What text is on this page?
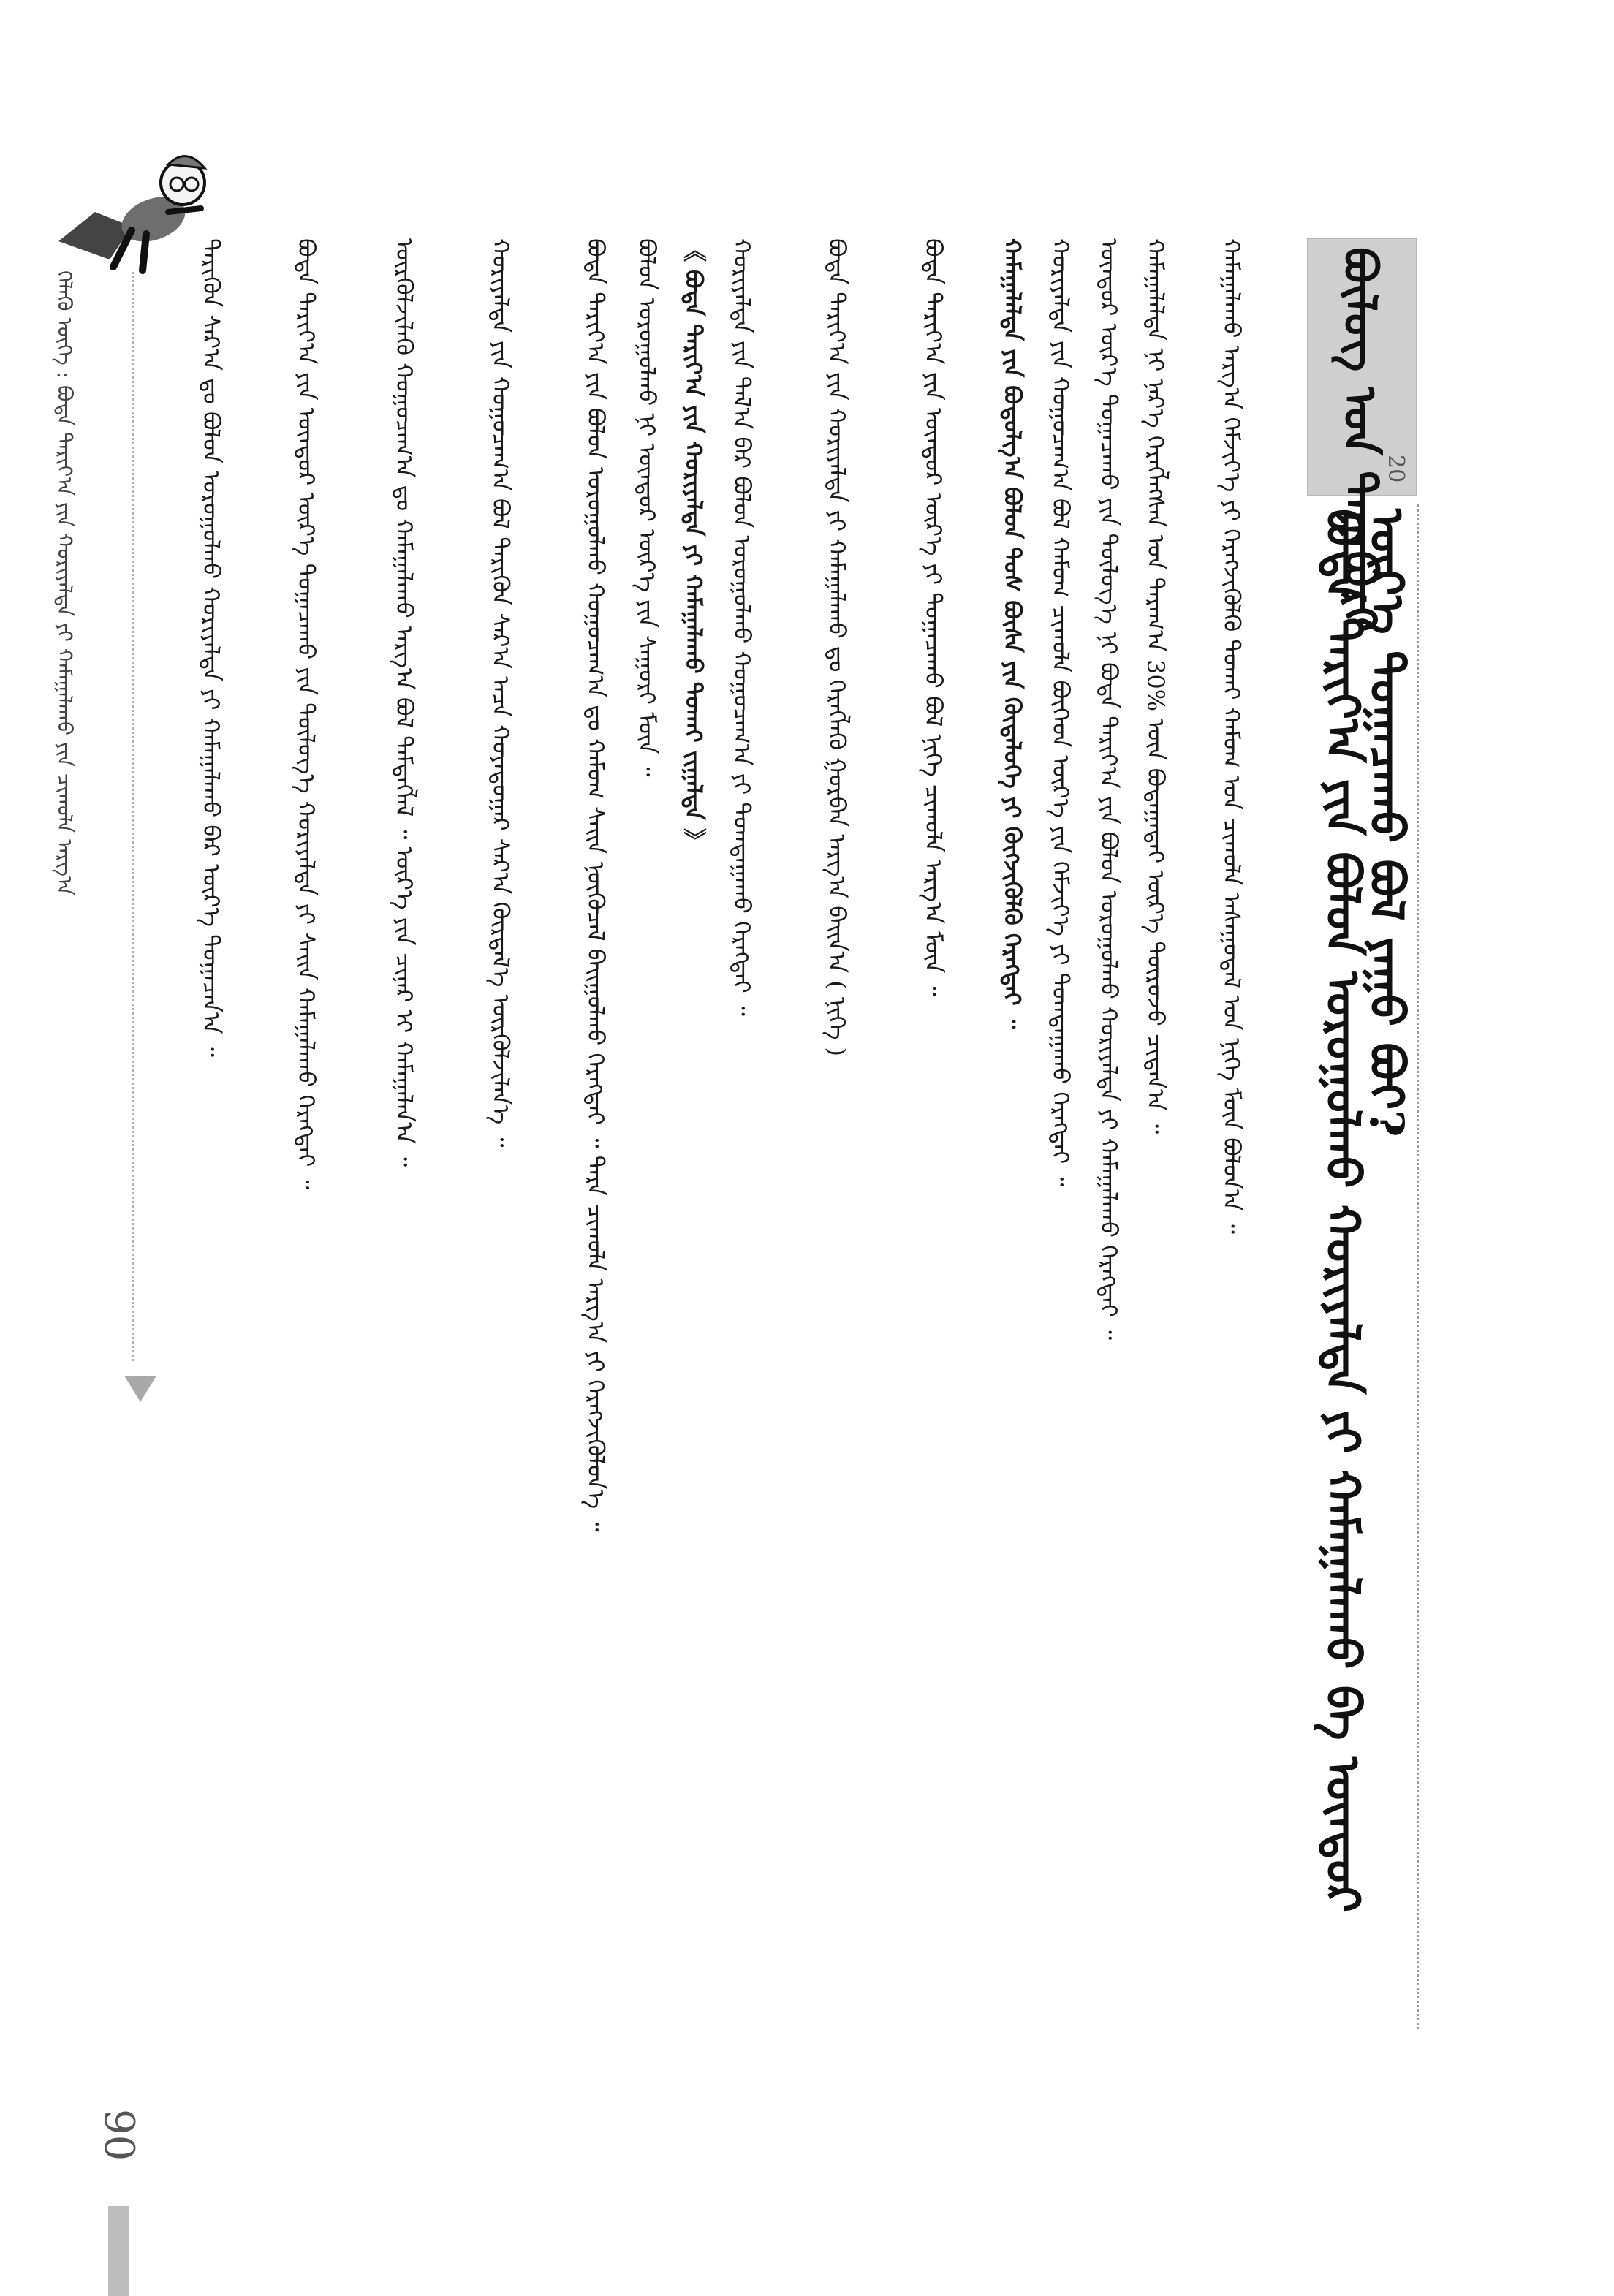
ᠪᠦᠯᠦᠭ ᠤᠨ ᠳᠠᠭᠠᠪᠤᠷᠢ
20
ᠪᠤᠳᠠ ᠲᠠᠷᠢᠶ᠎ᠠ ᠶᠢᠨ ᠪᠣᠯᠤᠨ ᠤᠷᠤᠭᠤᠯᠬᠤ ᠬᠤᠷᠢᠶᠠᠯᠳᠠ ᠶᠢ ᠬᠠᠮᠠᠭᠠᠯᠠᠬᠤ ᠪᠠ ᠦᠨᠳᠦᠷ ᠦᠷ᠎ᠡ ᠲᠣᠭᠠᠴᠠᠬᠤ ᠪᠣᠯ ᠶᠠᠭᠤ ᠪᠤᠢ?
ᠬᠠᠮᠠᠭᠠᠯᠠᠬᠤ ᠠᠷᠭ᠎ᠠ ᠬᠡᠮᠵᠢᠶ᠎ᠡ ᠶᠢ ᠬᠡᠷᠡᠭᠵᠢᠭᠦᠯᠬᠦ ᠲᠤᠬᠠᠢ ᠬᠠᠮᠤᠭ ᠤᠨ ᠴᠢᠬᠤᠯᠠ ᠠᠰᠠᠭᠤᠳᠠᠯ ᠤᠨ ᠨᠢᠭᠡ ᠮᠥᠨ ᠪᠣᠯᠤᠨ᠎ᠠ ᠃
ᠬᠠᠮᠠᠭᠠᠯᠠᠯᠲᠠ ᠨᠢ ᠨᠡᠷ᠎ᠡ ᠬᠡᠷᠡᠭᠯᠡᠭᠰᠡᠨ ᠤᠨ ᠳᠠᠷᠠᠭ᠎ᠠ 30% ᠦᠨ ᠪᠤᠳᠠᠭᠠᠳᠠᠢ ᠦᠷ᠎ᠡ ᠲᠥᠷᠥᠵᠦ ᠴᠢᠳᠠᠨ᠎ᠠ ᠃
ᠦᠨᠳᠦᠷ ᠦᠷ᠎ᠡ ᠲᠣᠭᠠᠴᠠᠬᠤ ᠶᠢᠨ ᠲᠥᠯᠥᠭ᠎ᠡ ᠨᠢ ᠪᠤᠳᠠ ᠲᠠᠷᠢᠶ᠎ᠠ ᠶᠢᠨ ᠪᠣᠯᠤᠨ ᠤᠷᠤᠭᠤᠯᠬᠤ ᠬᠤᠷᠢᠶᠠᠯᠳᠠ ᠶᠢ ᠬᠠᠮᠠᠭᠠᠯᠠᠬᠤ ᠬᠡᠷᠡᠭᠲᠡᠢ ᠃
ᠬᠤᠷᠢᠶᠠᠯᠳᠠ ᠶᠢᠨ ᠬᠤᠭᠤᠴᠠᠭ᠎ᠠ ᠪᠣᠯ ᠬᠠᠮᠤᠭ ᠴᠢᠬᠤᠯᠠ ᠪᠦᠭᠡᠳ ᠦᠷ᠎ᠡ ᠶᠢᠨ ᠬᠡᠮᠵᠢᠶ᠎ᠡ ᠶᠢ ᠲᠣᠭᠲᠠᠭᠠᠬᠤ ᠬᠡᠷᠡᠭᠲᠡᠢ ᠃
ᠬᠠᠮᠠᠭᠠᠯᠠᠯᠲᠠ ᠶᠢᠨ ᠪᠣᠳᠤᠯᠭ᠎ᠠ ᠪᠣᠯᠤᠨ ᠲᠤᠰ ᠪᠦᠰᠡ ᠶᠢᠨ ᠬᠥᠳᠡᠯᠦᠭᠡ ᠶᠢ ᠬᠥᠭᠵᠢᠭᠦᠯᠬᠦ ᠬᠡᠷᠡᠭᠲᠡᠢ ᠃
ᠪᠤᠳᠠ ᠲᠠᠷᠢᠶ᠎ᠠ ᠶᠢᠨ ᠦᠨᠳᠦᠷ ᠦᠷ᠎ᠡ ᠶᠢ ᠲᠣᠭᠠᠴᠠᠬᠤ ᠪᠣᠯ ᠨᠢᠭᠡ ᠴᠢᠬᠤᠯᠠ ᠠᠷᠭ᠎ᠠ ᠮᠥᠨ ᠃
ᠪᠤᠳᠠ ᠲᠠᠷᠢᠶ᠎ᠠ ᠶᠢᠨ ᠬᠤᠷᠢᠶᠠᠯᠳᠠ ᠶᠢ ᠬᠠᠮᠠᠭᠠᠯᠠᠬᠤ ᠳᠤ ᠬᠡᠷᠡᠭᠯᠡᠬᠦ ᠭᠤᠷᠪᠠᠨ ᠠᠷᠭ᠎ᠠ ᠪᠠᠢᠨ᠎ᠠ ( ᠨᠢᠭᠡ )
ᠬᠤᠷᠢᠶᠠᠯᠳᠠ ᠶᠢᠨ ᠲᠠᠯ᠎ᠠ ᠪᠠᠷ ᠪᠣᠯᠤᠨ ᠤᠷᠤᠭᠤᠯᠬᠤ ᠬᠤᠭᠤᠴᠠᠭ᠎ᠠ ᠶᠢ ᠲᠣᠭᠲᠠᠭᠠᠬᠤ ᠬᠡᠷᠡᠭᠲᠡᠢ ᠃
《 ᠪᠤᠳᠠ ᠲᠠᠷᠢᠶ᠎ᠠ ᠶᠢᠨ ᠬᠤᠷᠢᠶᠠᠯᠳᠠ ᠶᠢ ᠬᠠᠮᠠᠭᠠᠯᠠᠬᠤ ᠲᠤᠬᠠᠢ ᠵᠢᠭᠠᠯᠲᠠ 》
ᠪᠣᠯᠤᠨ ᠤᠷᠤᠭᠤᠯᠬᠤ ᠨᠢ ᠦᠨᠳᠦᠷ ᠦᠷ᠎ᠡ ᠶᠢᠨ ᠰᠠᠭᠤᠷᠢ ᠮᠥᠨ ᠃
ᠪᠤᠳᠠ ᠲᠠᠷᠢᠶ᠎ᠠ ᠶᠢᠨ ᠪᠣᠯᠤᠨ ᠤᠷᠤᠭᠤᠯᠬᠤ ᠬᠤᠭᠤᠴᠠᠭ᠎ᠠ ᠳᠤ ᠬᠠᠮᠤᠭ ᠰᠠᠢᠨ ᠨᠥᠬᠦᠴᠡᠯ ᠪᠠᠢᠭᠤᠯᠬᠤ ᠬᠡᠷᠡᠭᠲᠡᠢ ᠃ ᠲᠡᠷᠡ ᠴᠢᠬᠤᠯᠠ ᠠᠷᠭ᠎ᠠ ᠶᠢ ᠬᠡᠷᠡᠭᠵᠢᠭᠦᠯᠦᠨ᠎ᠡ ᠃
ᠬᠤᠷᠢᠶᠠᠯᠳᠠ ᠶᠢᠨ ᠬᠤᠭᠤᠴᠠᠭ᠎ᠠ ᠪᠣᠯ ᠲᠡᠷᠢᠭᠦᠨ ᠰᠠᠷ᠎ᠠ ᠠᠴᠠ ᠬᠣᠶᠠᠳᠤᠭᠠᠷ ᠰᠠᠷ᠎ᠠ ᠬᠦᠷᠲᠡᠯ᠎ᠡ ᠦᠷᠭᠦᠯᠵᠢᠯᠡᠨ᠎ᠡ ᠃
ᠦᠷᠭᠦᠯᠵᠢᠯᠡᠬᠦ ᠬᠤᠭᠤᠴᠠᠭ᠎ᠠ ᠳᠤ ᠬᠠᠮᠠᠭᠠᠯᠠᠬᠤ ᠠᠷᠭ᠎ᠠ ᠪᠣᠯ ᠲᠡᠮᠳᠡᠭᠯᠡᠯ ᠃ ᠦᠷ᠎ᠡ ᠶᠢᠨ ᠴᠢᠨᠠᠷ ᠢ ᠬᠠᠮᠠᠭᠠᠯᠠᠨ᠎ᠠ ᠃
ᠪᠤᠳᠠ ᠲᠠᠷᠢᠶ᠎ᠠ ᠶᠢᠨ ᠦᠨᠳᠦᠷ ᠦᠷ᠎ᠡ ᠲᠣᠭᠠᠴᠠᠬᠤ ᠶᠢᠨ ᠲᠥᠯᠥᠭ᠎ᠡ ᠬᠤᠷᠢᠶᠠᠯᠳᠠ ᠶᠢ ᠰᠠᠢᠨ ᠬᠠᠮᠠᠭᠠᠯᠠᠬᠤ ᠬᠡᠷᠡᠭᠲᠡᠢ ᠃
ᠲᠡᠷᠢᠭᠦᠨ ᠰᠠᠷ᠎ᠠ ᠳᠤ ᠪᠣᠯᠤᠨ ᠤᠷᠤᠭᠤᠯᠬᠤ ᠬᠤᠷᠢᠶᠠᠯᠳᠠ ᠶᠢ ᠬᠠᠮᠠᠭᠠᠯᠠᠬᠤ ᠪᠠᠷ ᠦᠷ᠎ᠡ ᠲᠣᠭᠠᠴᠠᠨ᠎ᠠ ᠃
ᠬᠡᠯᠡᠬᠦ ᠦᠭᠡ : ᠪᠤᠳᠠ ᠲᠠᠷᠢᠶ᠎ᠠ ᠶᠢᠨ ᠬᠤᠷᠢᠶᠠᠯᠳᠠ ᠶᠢ ᠬᠠᠮᠠᠭᠠᠯᠠᠬᠤ ᠶᠢᠨ ᠴᠢᠬᠤᠯᠠ ᠠᠷᠭ᠎ᠠ
90
